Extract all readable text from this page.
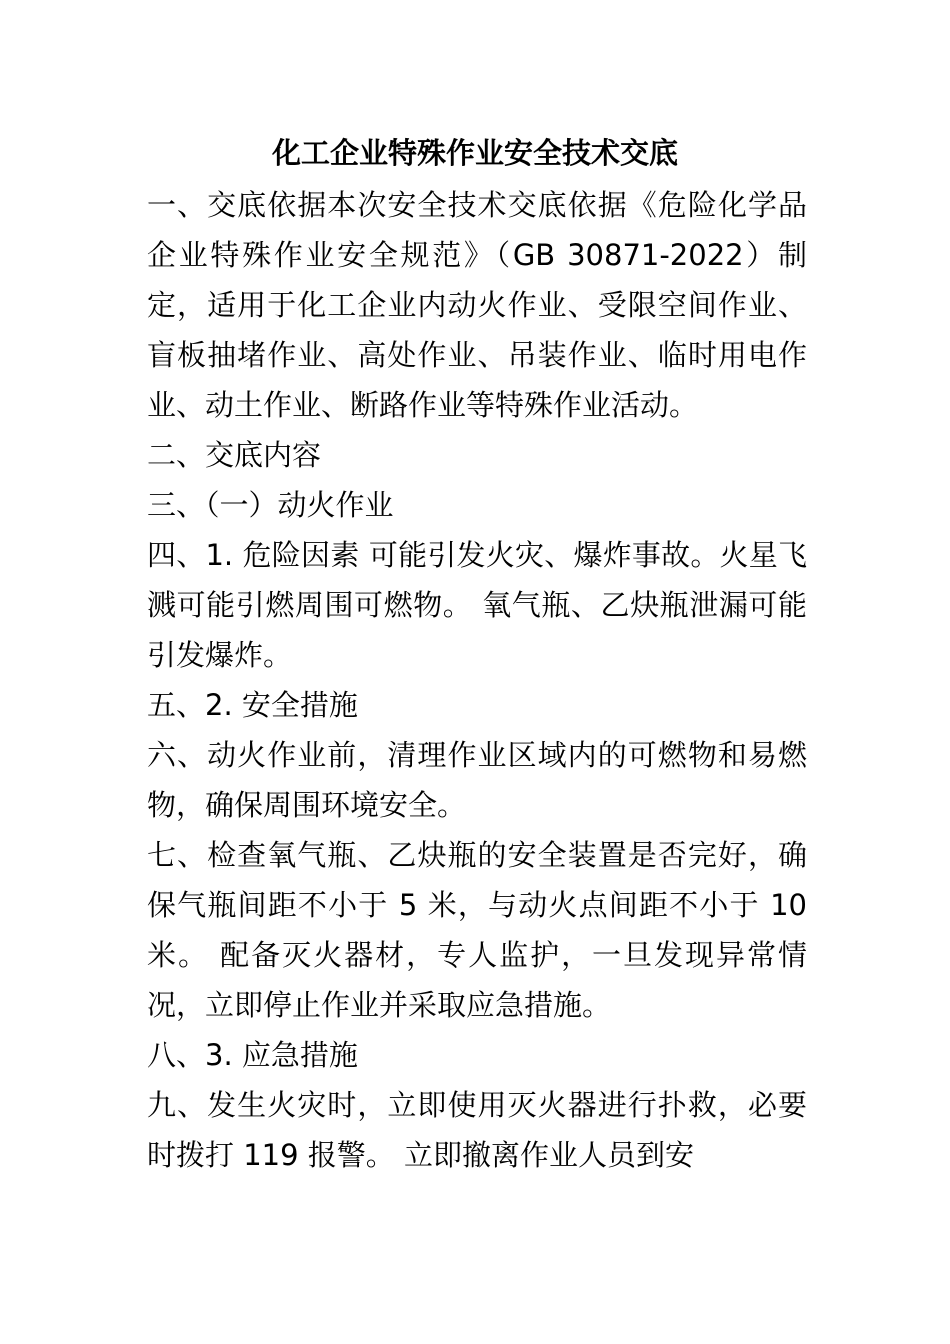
化工企业特殊作业安全技术交底

一、交底依据本次安全技术交底依据《危险化学品企业特殊作业安全规范》（GB 30871-2022）制定，适用于化工企业内动火作业、受限空间作业、盲板抽堵作业、高处作业、吊装作业、临时用电作业、动土作业、断路作业等特殊作业活动。

二、交底内容

三、（一）动火作业

四、1. 危险因素 可能引发火灾、爆炸事故。火星飞溅可能引燃周围可燃物。 氧气瓶、乙炔瓶泄漏可能引发爆炸。

五、2. 安全措施

六、动火作业前，清理作业区域内的可燃物和易燃物，确保周围环境安全。

七、检查氧气瓶、乙炔瓶的安全装置是否完好，确保气瓶间距不小于 5 米，与动火点间距不小于 10 米。 配备灭火器材，专人监护，一旦发现异常情况，立即停止作业并采取应急措施。

八、3. 应急措施

九、发生火灾时，立即使用灭火器进行扑救，必要时拨打 119 报警。 立即撤离作业人员到安
